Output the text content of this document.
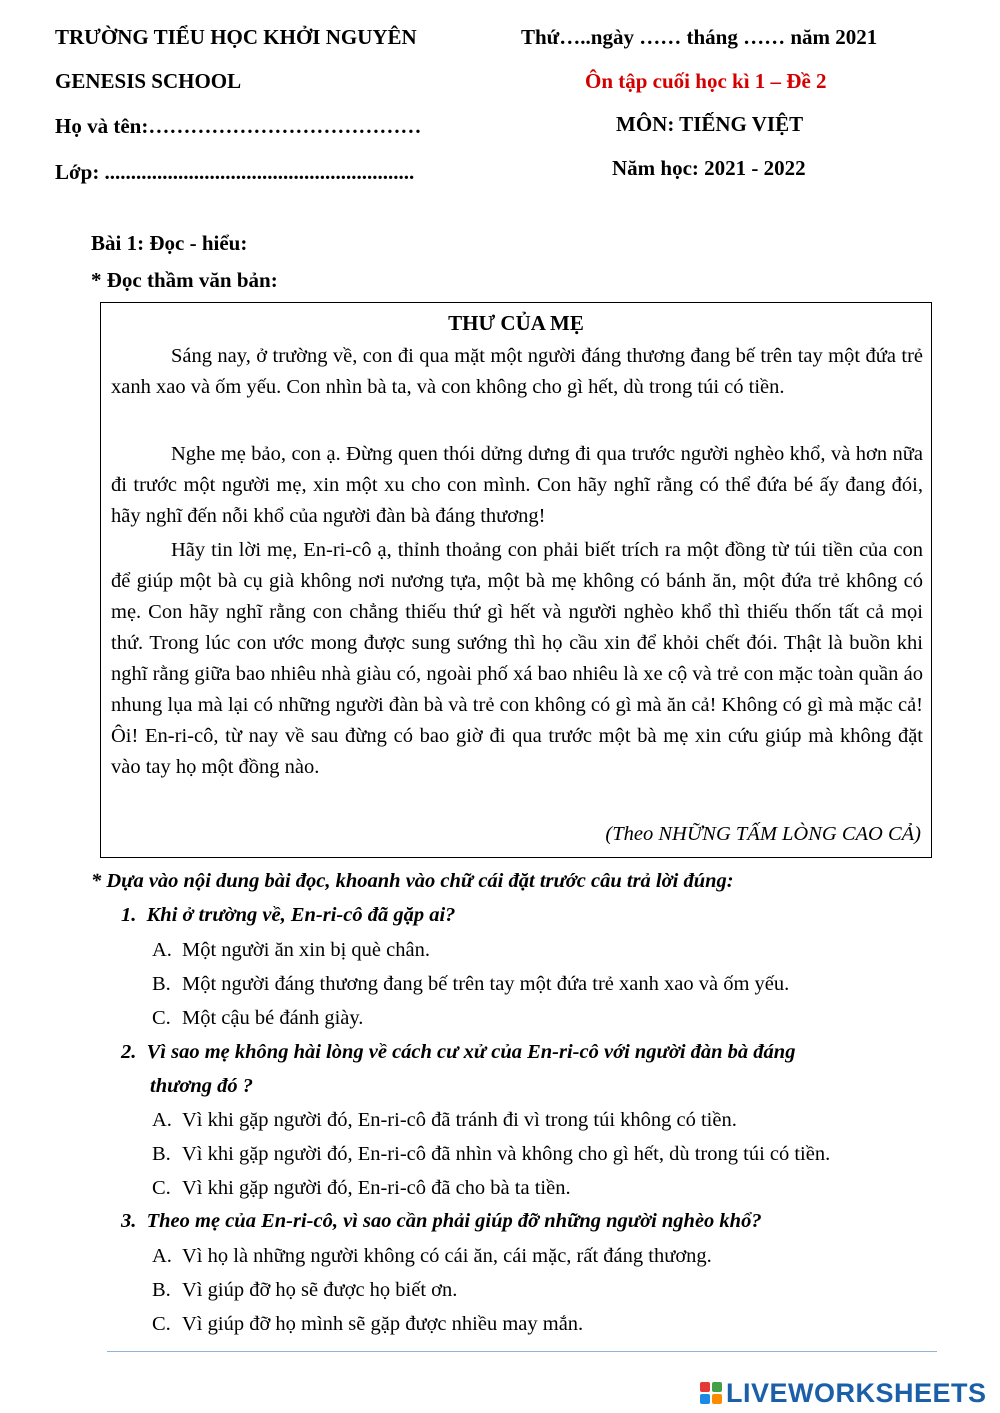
TRƯỜNG TIỂU HỌC KHỞI NGUYÊN	Thứ…..ngày …… tháng …… năm 2021
GENESIS SCHOOL	Ôn tập cuối học kì 1 – Đề 2
Họ và tên:…………………………………	MÔN: TIẾNG VIỆT
Lớp: ...........................................................	Năm học: 2021 - 2022
Bài 1: Đọc - hiểu:
* Đọc thầm văn bản:
THƯ CỦA MẸ
Sáng nay, ở trường về, con đi qua mặt một người đáng thương đang bế trên tay một đứa trẻ xanh xao và ốm yếu. Con nhìn bà ta, và con không cho gì hết, dù trong túi có tiền.
Nghe mẹ bảo, con ạ. Đừng quen thói dửng dưng đi qua trước người nghèo khổ, và hơn nữa đi trước một người mẹ, xin một xu cho con mình. Con hãy nghĩ rằng có thể đứa bé ấy đang đói, hãy nghĩ đến nỗi khổ của người đàn bà đáng thương!
Hãy tin lời mẹ, En-ri-cô ạ, thỉnh thoảng con phải biết trích ra một đồng từ túi tiền của con để giúp một bà cụ già không nơi nương tựa, một bà mẹ không có bánh ăn, một đứa trẻ không có mẹ. Con hãy nghĩ rằng con chẳng thiếu thứ gì hết và người nghèo khổ thì thiếu thốn tất cả mọi thứ. Trong lúc con ước mong được sung sướng thì họ cầu xin để khỏi chết đói. Thật là buồn khi nghĩ rằng giữa bao nhiêu nhà giàu có, ngoài phố xá bao nhiêu là xe cộ và trẻ con mặc toàn quần áo nhung lụa mà lại có những người đàn bà và trẻ con không có gì mà ăn cả! Không có gì mà mặc cả! Ôi! En-ri-cô, từ nay về sau đừng có bao giờ đi qua trước một bà mẹ xin cứu giúp mà không đặt vào tay họ một đồng nào.
(Theo NHỮNG TẤM LÒNG CAO CẢ)
* Dựa vào nội dung bài đọc, khoanh vào chữ cái đặt trước câu trả lời đúng:
1. Khi ở trường về, En-ri-cô đã gặp ai?
A. Một người ăn xin bị què chân.
B. Một người đáng thương đang bế trên tay một đứa trẻ xanh xao và ốm yếu.
C. Một cậu bé đánh giày.
2. Vì sao mẹ không hài lòng về cách cư xử của En-ri-cô với người đàn bà đáng
thương đó ?
A. Vì khi gặp người đó, En-ri-cô đã tránh đi vì trong túi không có tiền.
B. Vì khi gặp người đó, En-ri-cô đã nhìn và không cho gì hết, dù trong túi có tiền.
C. Vì khi gặp người đó, En-ri-cô đã cho bà ta tiền.
3. Theo mẹ của En-ri-cô, vì sao cần phải giúp đỡ những người nghèo khổ?
A. Vì họ là những người không có cái ăn, cái mặc, rất đáng thương.
B. Vì giúp đỡ họ sẽ được họ biết ơn.
C. Vì giúp đỡ họ mình sẽ gặp được nhiều may mắn.
LIVEWORKSHEETS
